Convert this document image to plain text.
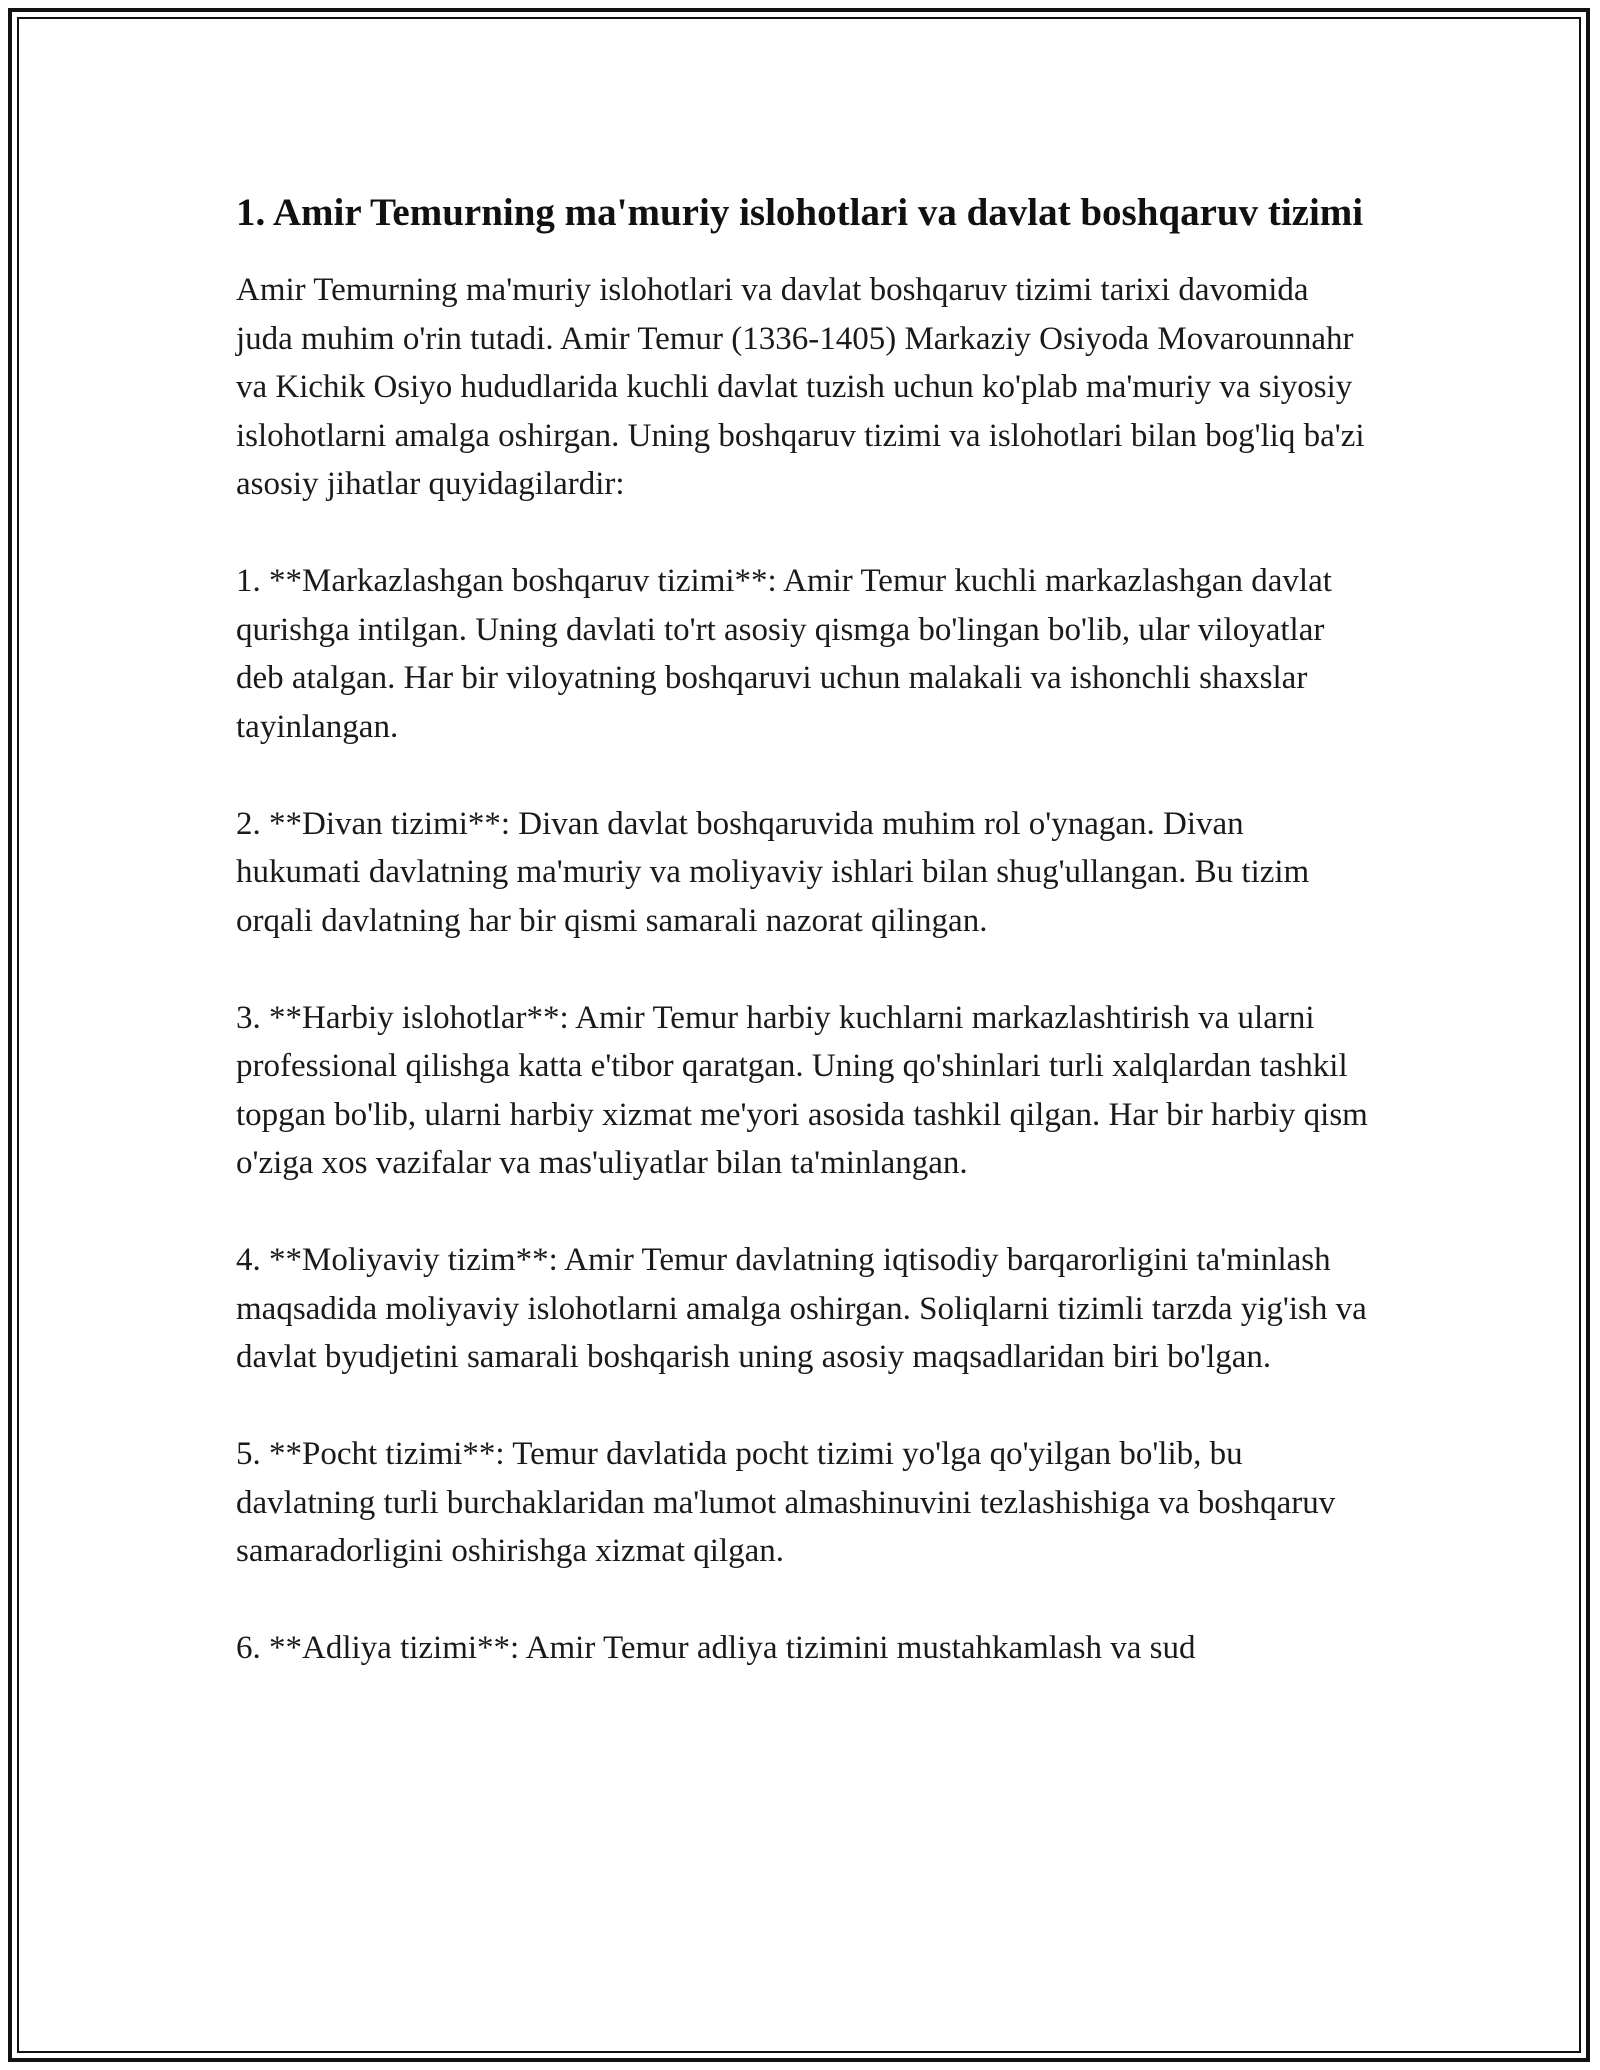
1. Amir Temurning ma'muriy islohotlari va davlat boshqaruv tizimi

Amir Temurning ma'muriy islohotlari va davlat boshqaruv tizimi tarixi davomida juda muhim o'rin tutadi. Amir Temur (1336-1405) Markaziy Osiyoda Movarounnahr va Kichik Osiyo hududlarida kuchli davlat tuzish uchun ko'plab ma'muriy va siyosiy islohotlarni amalga oshirgan. Uning boshqaruv tizimi va islohotlari bilan bog'liq ba'zi asosiy jihatlar quyidagilardir:

1. **Markazlashgan boshqaruv tizimi**: Amir Temur kuchli markazlashgan davlat qurishga intilgan. Uning davlati to'rt asosiy qismga bo'lingan bo'lib, ular viloyatlar deb atalgan. Har bir viloyatning boshqaruvi uchun malakali va ishonchli shaxslar tayinlangan.

2. **Divan tizimi**: Divan davlat boshqaruvida muhim rol o'ynagan. Divan hukumati davlatning ma'muriy va moliyaviy ishlari bilan shug'ullangan. Bu tizim orqali davlatning har bir qismi samarali nazorat qilingan.

3. **Harbiy islohotlar**: Amir Temur harbiy kuchlarni markazlashtirish va ularni professional qilishga katta e'tibor qaratgan. Uning qo'shinlari turli xalqlardan tashkil topgan bo'lib, ularni harbiy xizmat me'yori asosida tashkil qilgan. Har bir harbiy qism o'ziga xos vazifalar va mas'uliyatlar bilan ta'minlangan.

4. **Moliyaviy tizim**: Amir Temur davlatning iqtisodiy barqarorligini ta'minlash maqsadida moliyaviy islohotlarni amalga oshirgan. Soliqlarni tizimli tarzda yig'ish va davlat byudjetini samarali boshqarish uning asosiy maqsadlaridan biri bo'lgan.

5. **Pocht tizimi**: Temur davlatida pocht tizimi yo'lga qo'yilgan bo'lib, bu davlatning turli burchaklaridan ma'lumot almashinuvini tezlashishiga va boshqaruv samaradorligini oshirishga xizmat qilgan.

6. **Adliya tizimi**: Amir Temur adliya tizimini mustahkamlash va sud
